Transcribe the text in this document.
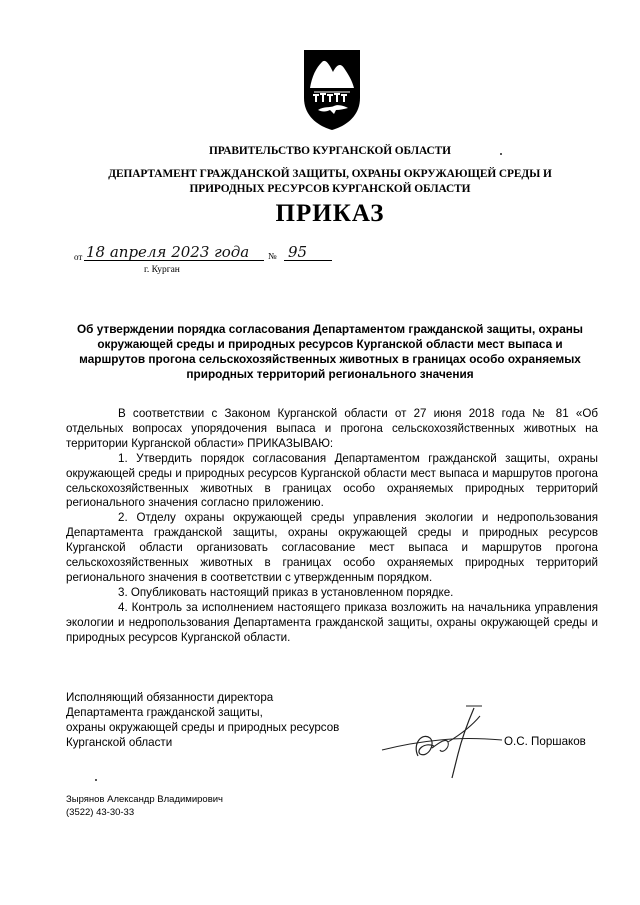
ПРАВИТЕЛЬСТВО КУРГАНСКОЙ ОБЛАСТИ
ДЕПАРТАМЕНТ ГРАЖДАНСКОЙ ЗАЩИТЫ, ОХРАНЫ ОКРУЖАЮЩЕЙ СРЕДЫ И
ПРИРОДНЫХ РЕСУРСОВ КУРГАНСКОЙ ОБЛАСТИ
ПРИКАЗ
от 18 апреля 2023 года	№ 95
г. Курган
Об утверждении порядка согласования Департаментом гражданской защиты, охраны окружающей среды и природных ресурсов Курганской области мест выпаса и маршрутов прогона сельскохозяйственных животных в границах особо охраняемых природных территорий регионального значения

В соответствии с Законом Курганской области от 27 июня 2018 года № 81 «Об отдельных вопросах упорядочения выпаса и прогона сельскохозяйственных животных на территории Курганской области» ПРИКАЗЫВАЮ:

1. Утвердить порядок согласования Департаментом гражданской защиты, охраны окружающей среды и природных ресурсов Курганской области мест выпаса и маршрутов прогона сельскохозяйственных животных в границах особо охраняемых природных территорий регионального значения согласно приложению.

2. Отделу охраны окружающей среды управления экологии и недропользования Департамента гражданской защиты, охраны окружающей среды и природных ресурсов Курганской области организовать согласование мест выпаса и маршрутов прогона сельскохозяйственных животных в границах особо охраняемых природных территорий регионального значения в соответствии с утвержденным порядком.

3. Опубликовать настоящий приказ в установленном порядке.

4. Контроль за исполнением настоящего приказа возложить на начальника управления экологии и недропользования Департамента гражданской защиты, охраны окружающей среды и природных ресурсов Курганской области.

Исполняющий обязанности директора
Департамента гражданской защиты,
охраны окружающей среды и природных ресурсов
Курганской области	О.С. Поршаков
Зырянов Александр Владимирович
(3522) 43-30-33
